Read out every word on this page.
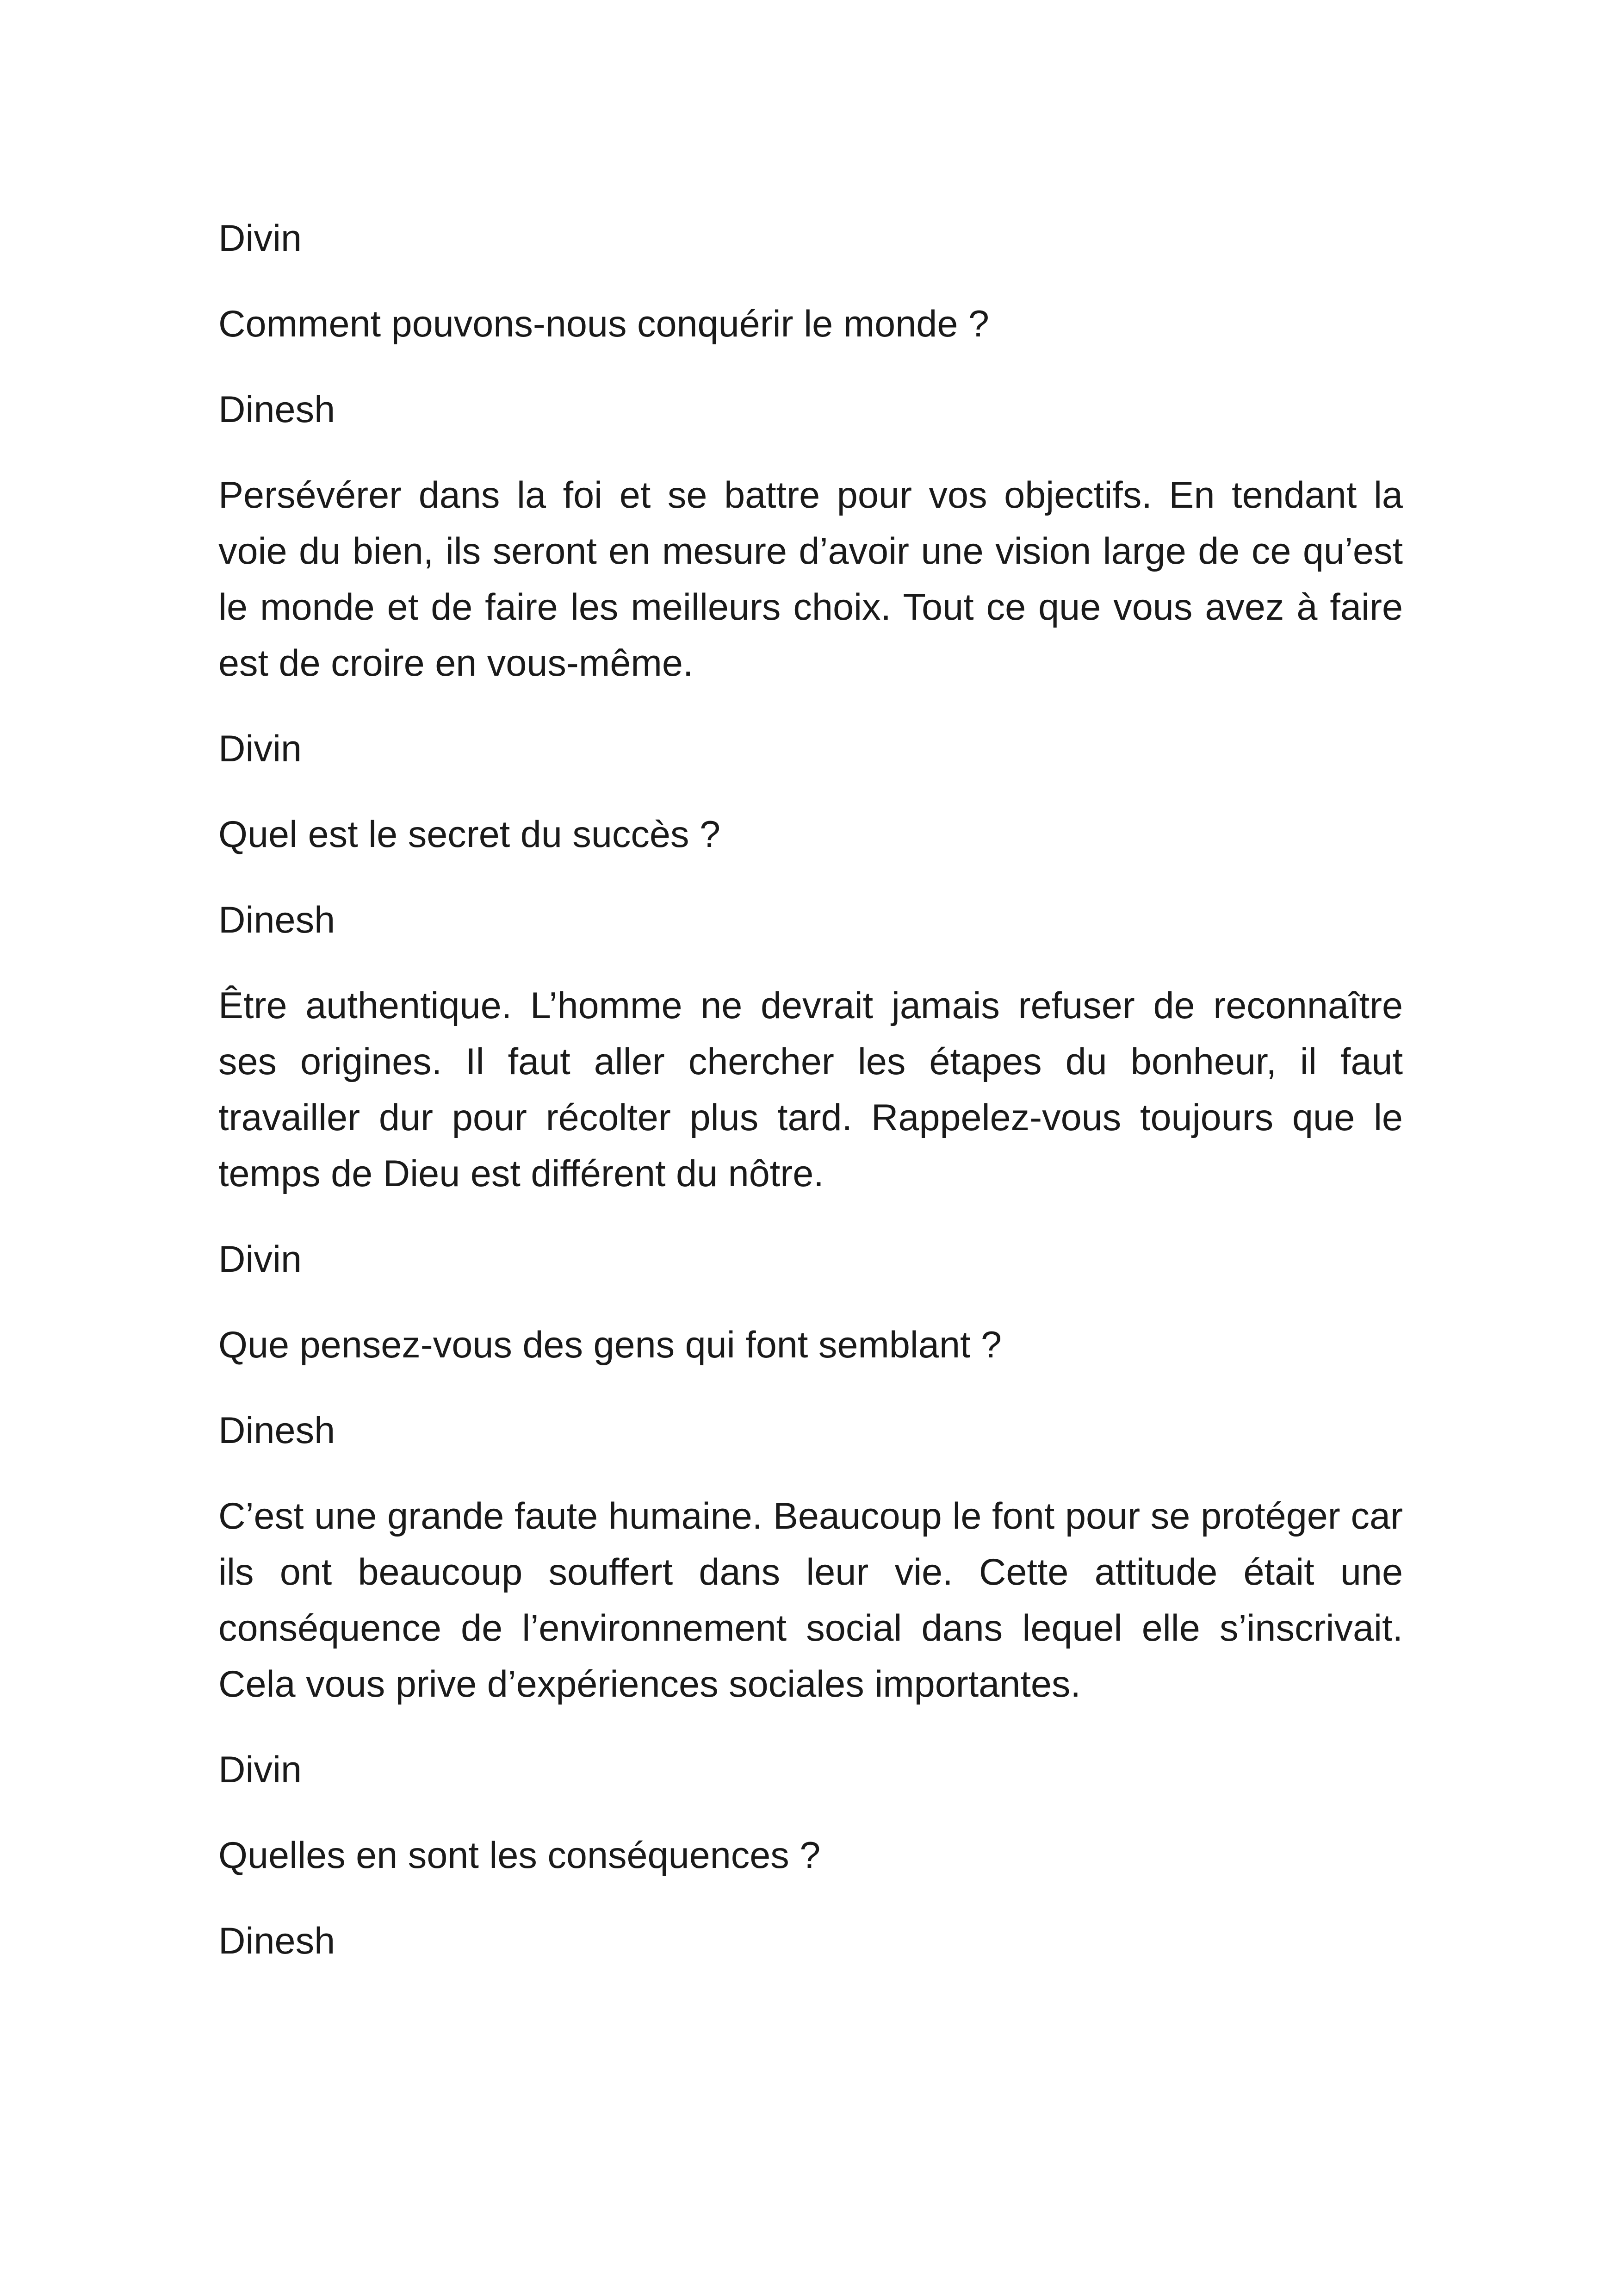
Divin

Comment pouvons-nous conquérir le monde ?

Dinesh

Persévérer dans la foi et se battre pour vos objectifs. En tendant la voie du bien, ils seront en mesure d’avoir une vision large de ce qu’est le monde et de faire les meilleurs choix. Tout ce que vous avez à faire est de croire en vous-même.

Divin

Quel est le secret du succès ?

Dinesh

Être authentique. L’homme ne devrait jamais refuser de reconnaître ses origines. Il faut aller chercher les étapes du bonheur, il faut travailler dur pour récolter plus tard. Rappelez-vous toujours que le temps de Dieu est différent du nôtre.

Divin

Que pensez-vous des gens qui font semblant ?

Dinesh

C’est une grande faute humaine. Beaucoup le font pour se protéger car ils ont beaucoup souffert dans leur vie. Cette attitude était une conséquence de l’environnement social dans lequel elle s’inscrivait. Cela vous prive d’expériences sociales importantes.

Divin

Quelles en sont les conséquences ?

Dinesh
